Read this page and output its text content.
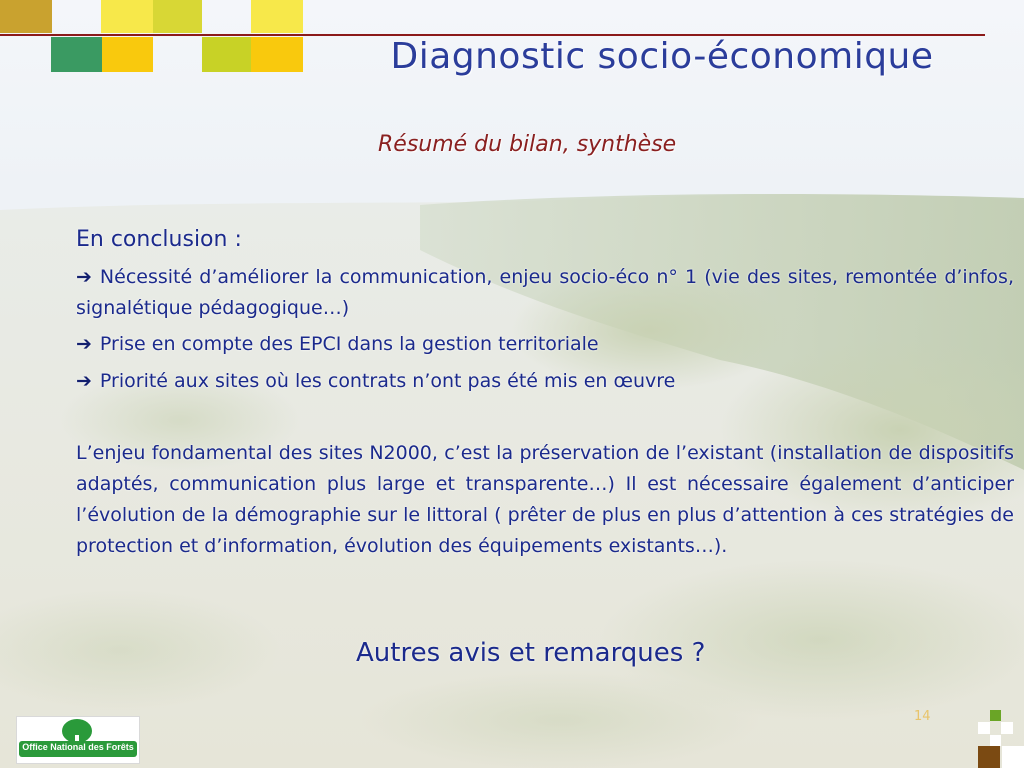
Diagnostic socio-économique
Résumé du bilan, synthèse
En conclusion :
➔ Nécessité d’améliorer la communication, enjeu socio-éco n° 1 (vie des sites, remontée d’infos, signalétique pédagogique…)
➔ Prise en compte des EPCI dans la gestion territoriale
➔ Priorité aux sites où les contrats n’ont pas été mis en œuvre
L’enjeu fondamental des sites N2000, c’est la préservation de l’existant (installation de dispositifs adaptés, communication plus large et transparente…) Il est nécessaire également d’anticiper l’évolution de la démographie sur le littoral ( prêter de plus en plus d’attention à ces stratégies de protection et d’information, évolution des équipements existants…).
Autres avis et remarques ?
14
Office National des Forêts
